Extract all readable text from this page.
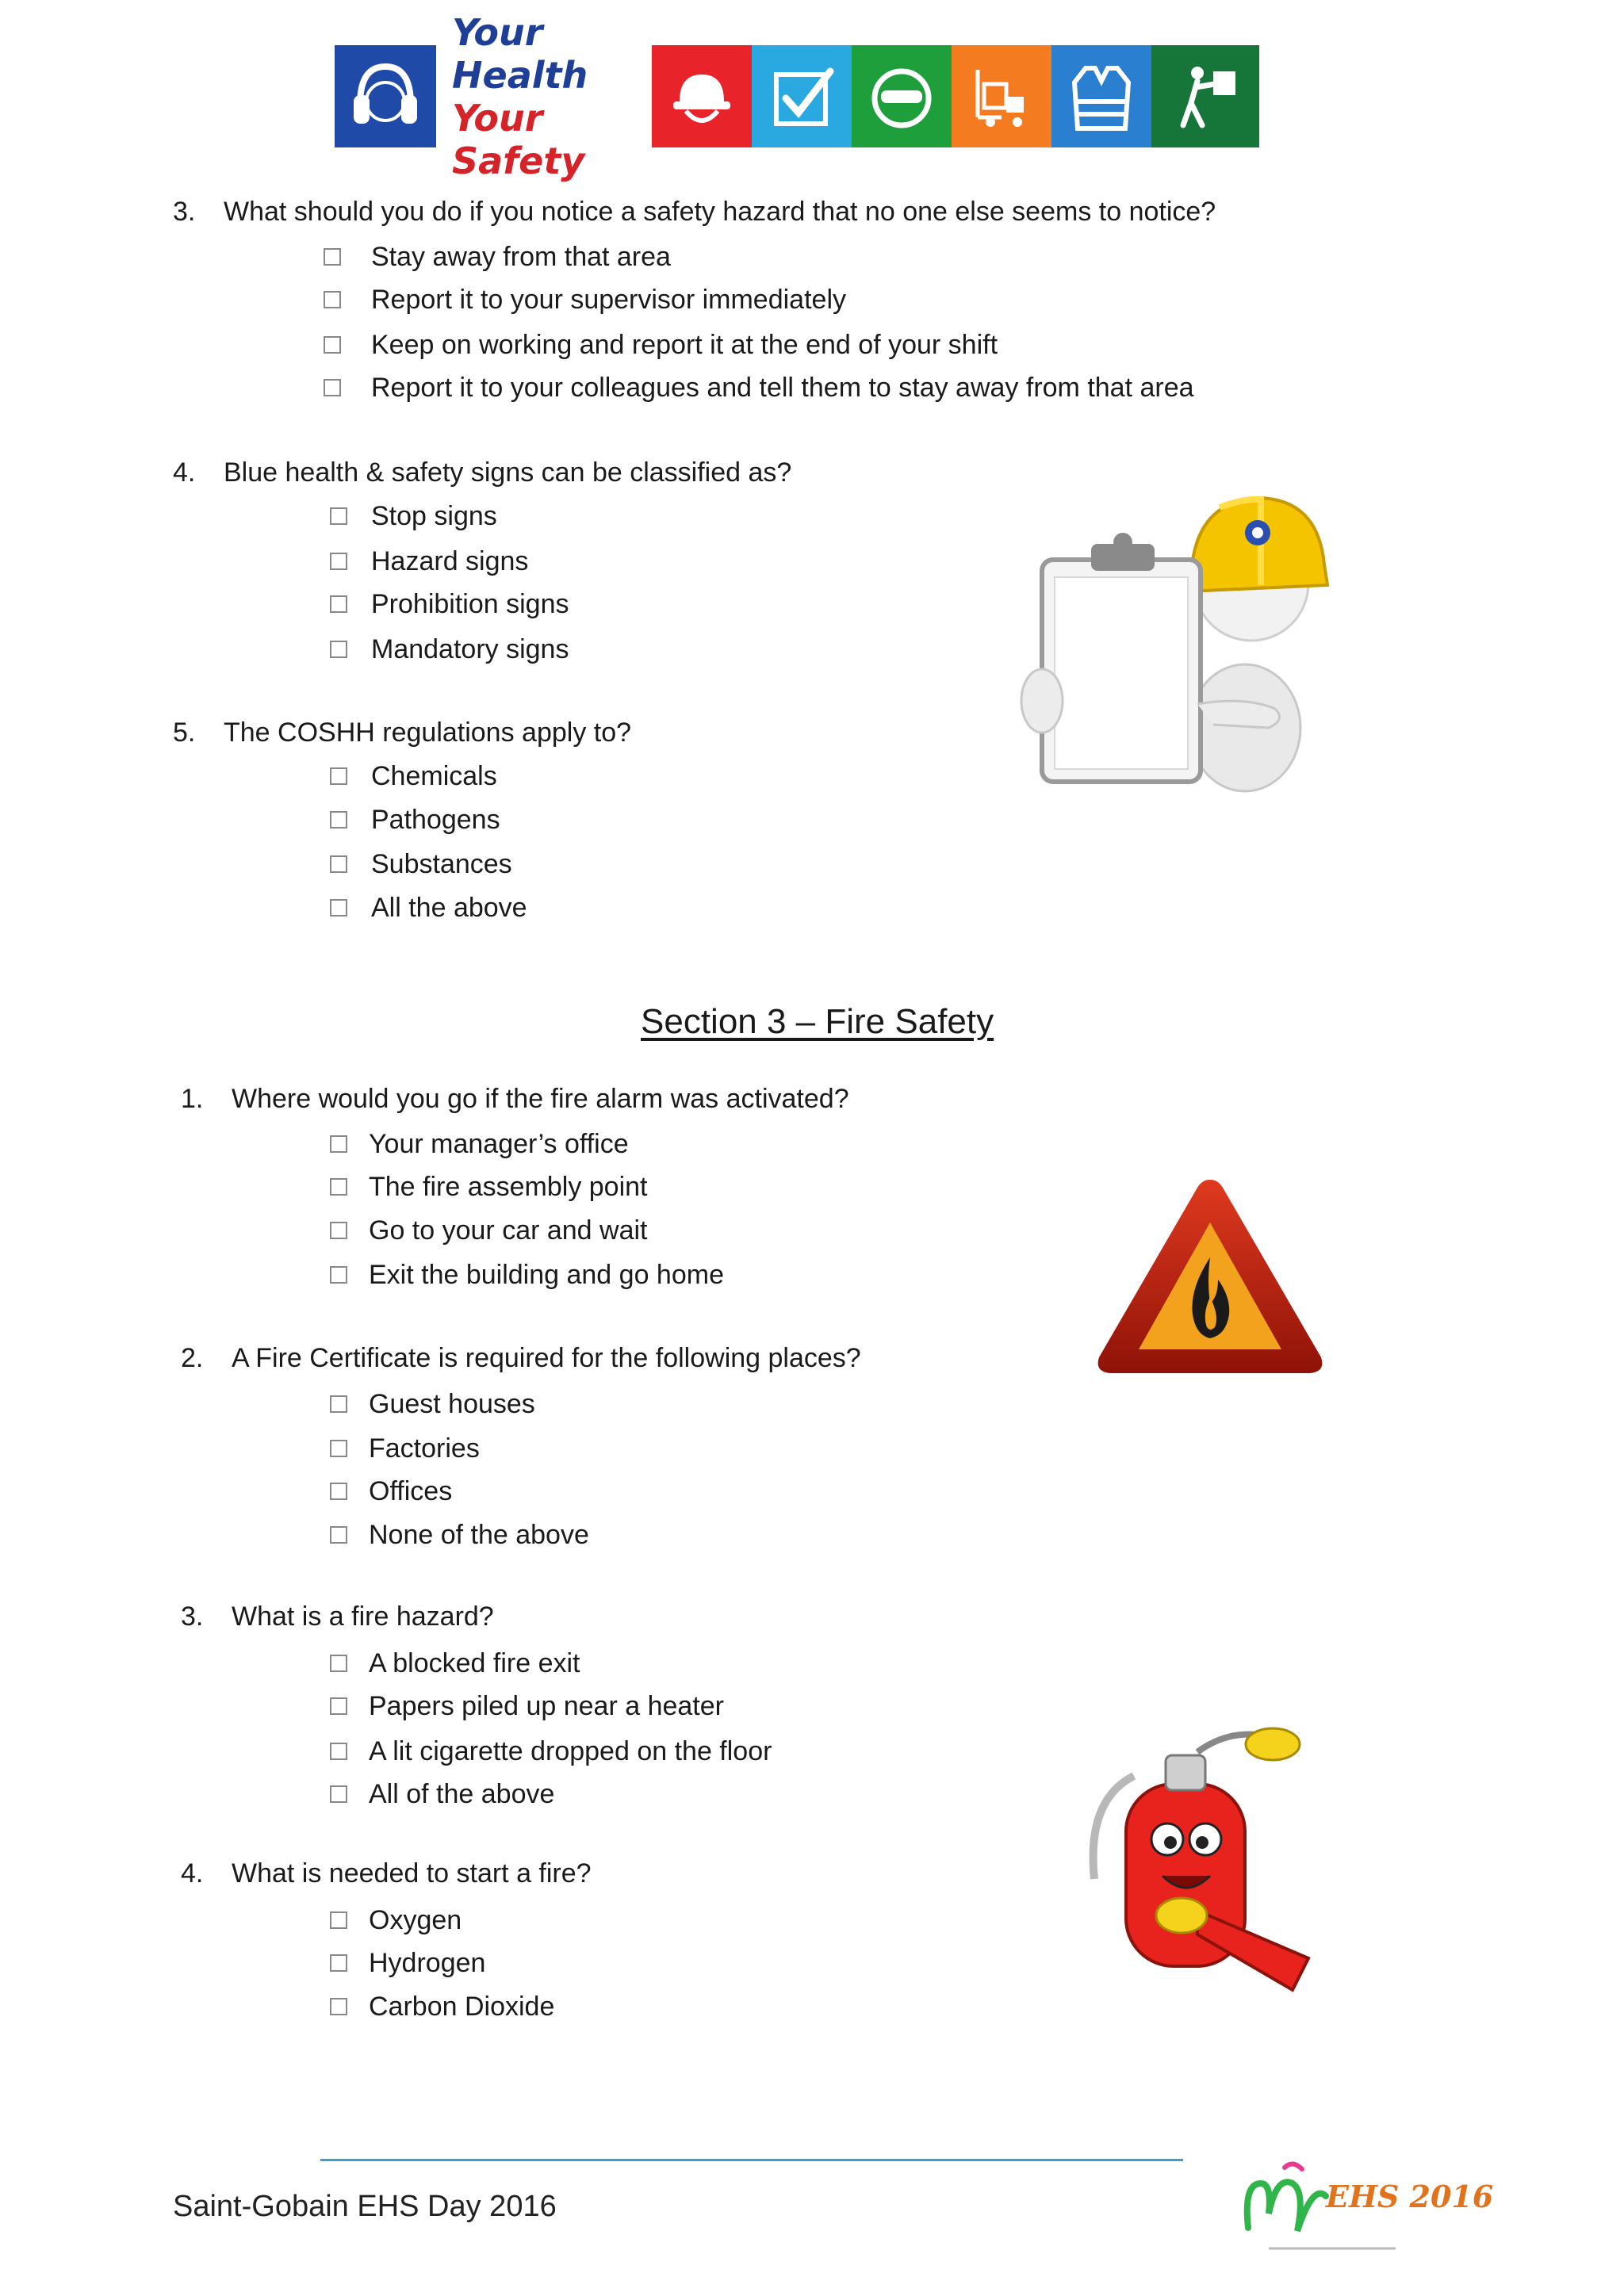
Your Health
Your Safety
3. What should you do if you notice a safety hazard that no one else seems to notice?
Stay away from that area
Report it to your supervisor immediately
Keep on working and report it at the end of your shift
Report it to your colleagues and tell them to stay away from that area
4. Blue health & safety signs can be classified as?
Stop signs
Hazard signs
Prohibition signs
Mandatory signs
5. The COSHH regulations apply to?
Chemicals
Pathogens
Substances
All the above
Section 3 – Fire Safety
1. Where would you go if the fire alarm was activated?
Your manager’s office
The fire assembly point
Go to your car and wait
Exit the building and go home
2. A Fire Certificate is required for the following places?
Guest houses
Factories
Offices
None of the above
3. What is a fire hazard?
A blocked fire exit
Papers piled up near a heater
A lit cigarette dropped on the floor
All of the above
4. What is needed to start a fire?
Oxygen
Hydrogen
Carbon Dioxide
Saint-Gobain EHS Day 2016	EHS 2016
